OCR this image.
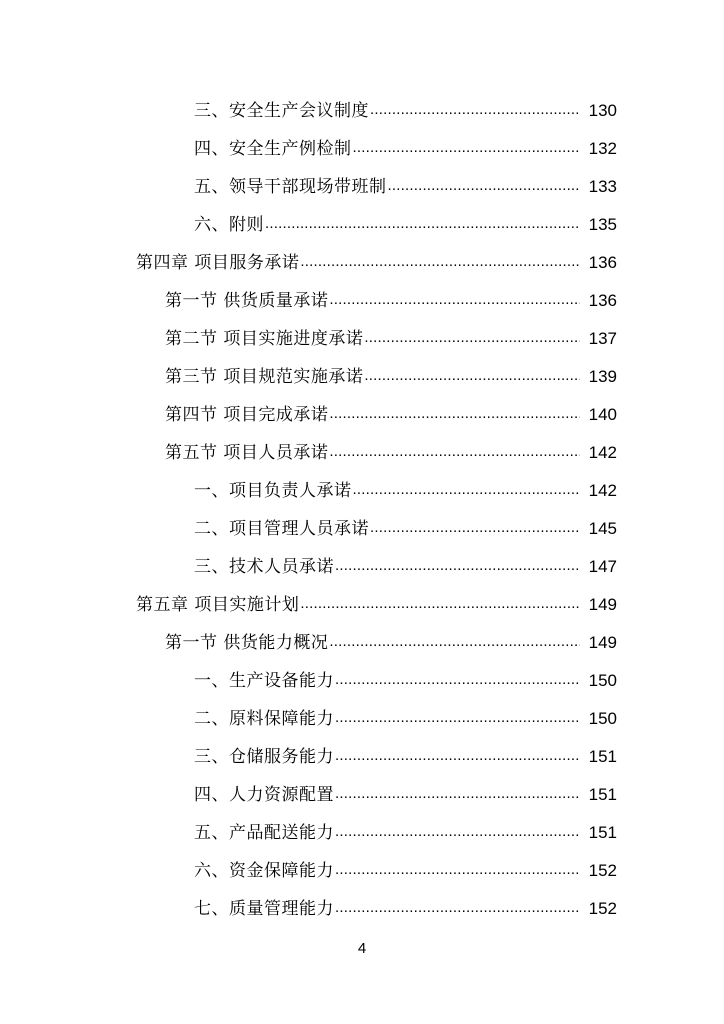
三、安全生产会议制度 .....	130
四、安全生产例检制 .....	132
五、领导干部现场带班制 .....	133
六、附则 .....	135
第四章 项目服务承诺 .....	136
第一节 供货质量承诺 .....	136
第二节 项目实施进度承诺 .....	137
第三节 项目规范实施承诺 .....	139
第四节 项目完成承诺 .....	140
第五节 项目人员承诺 .....	142
一、项目负责人承诺 .....	142
二、项目管理人员承诺 .....	145
三、技术人员承诺 .....	147
第五章 项目实施计划 .....	149
第一节 供货能力概况 .....	149
一、生产设备能力 .....	150
二、原料保障能力 .....	150
三、仓储服务能力 .....	151
四、人力资源配置 .....	151
五、产品配送能力 .....	151
六、资金保障能力 .....	152
七、质量管理能力 .....	152
4
